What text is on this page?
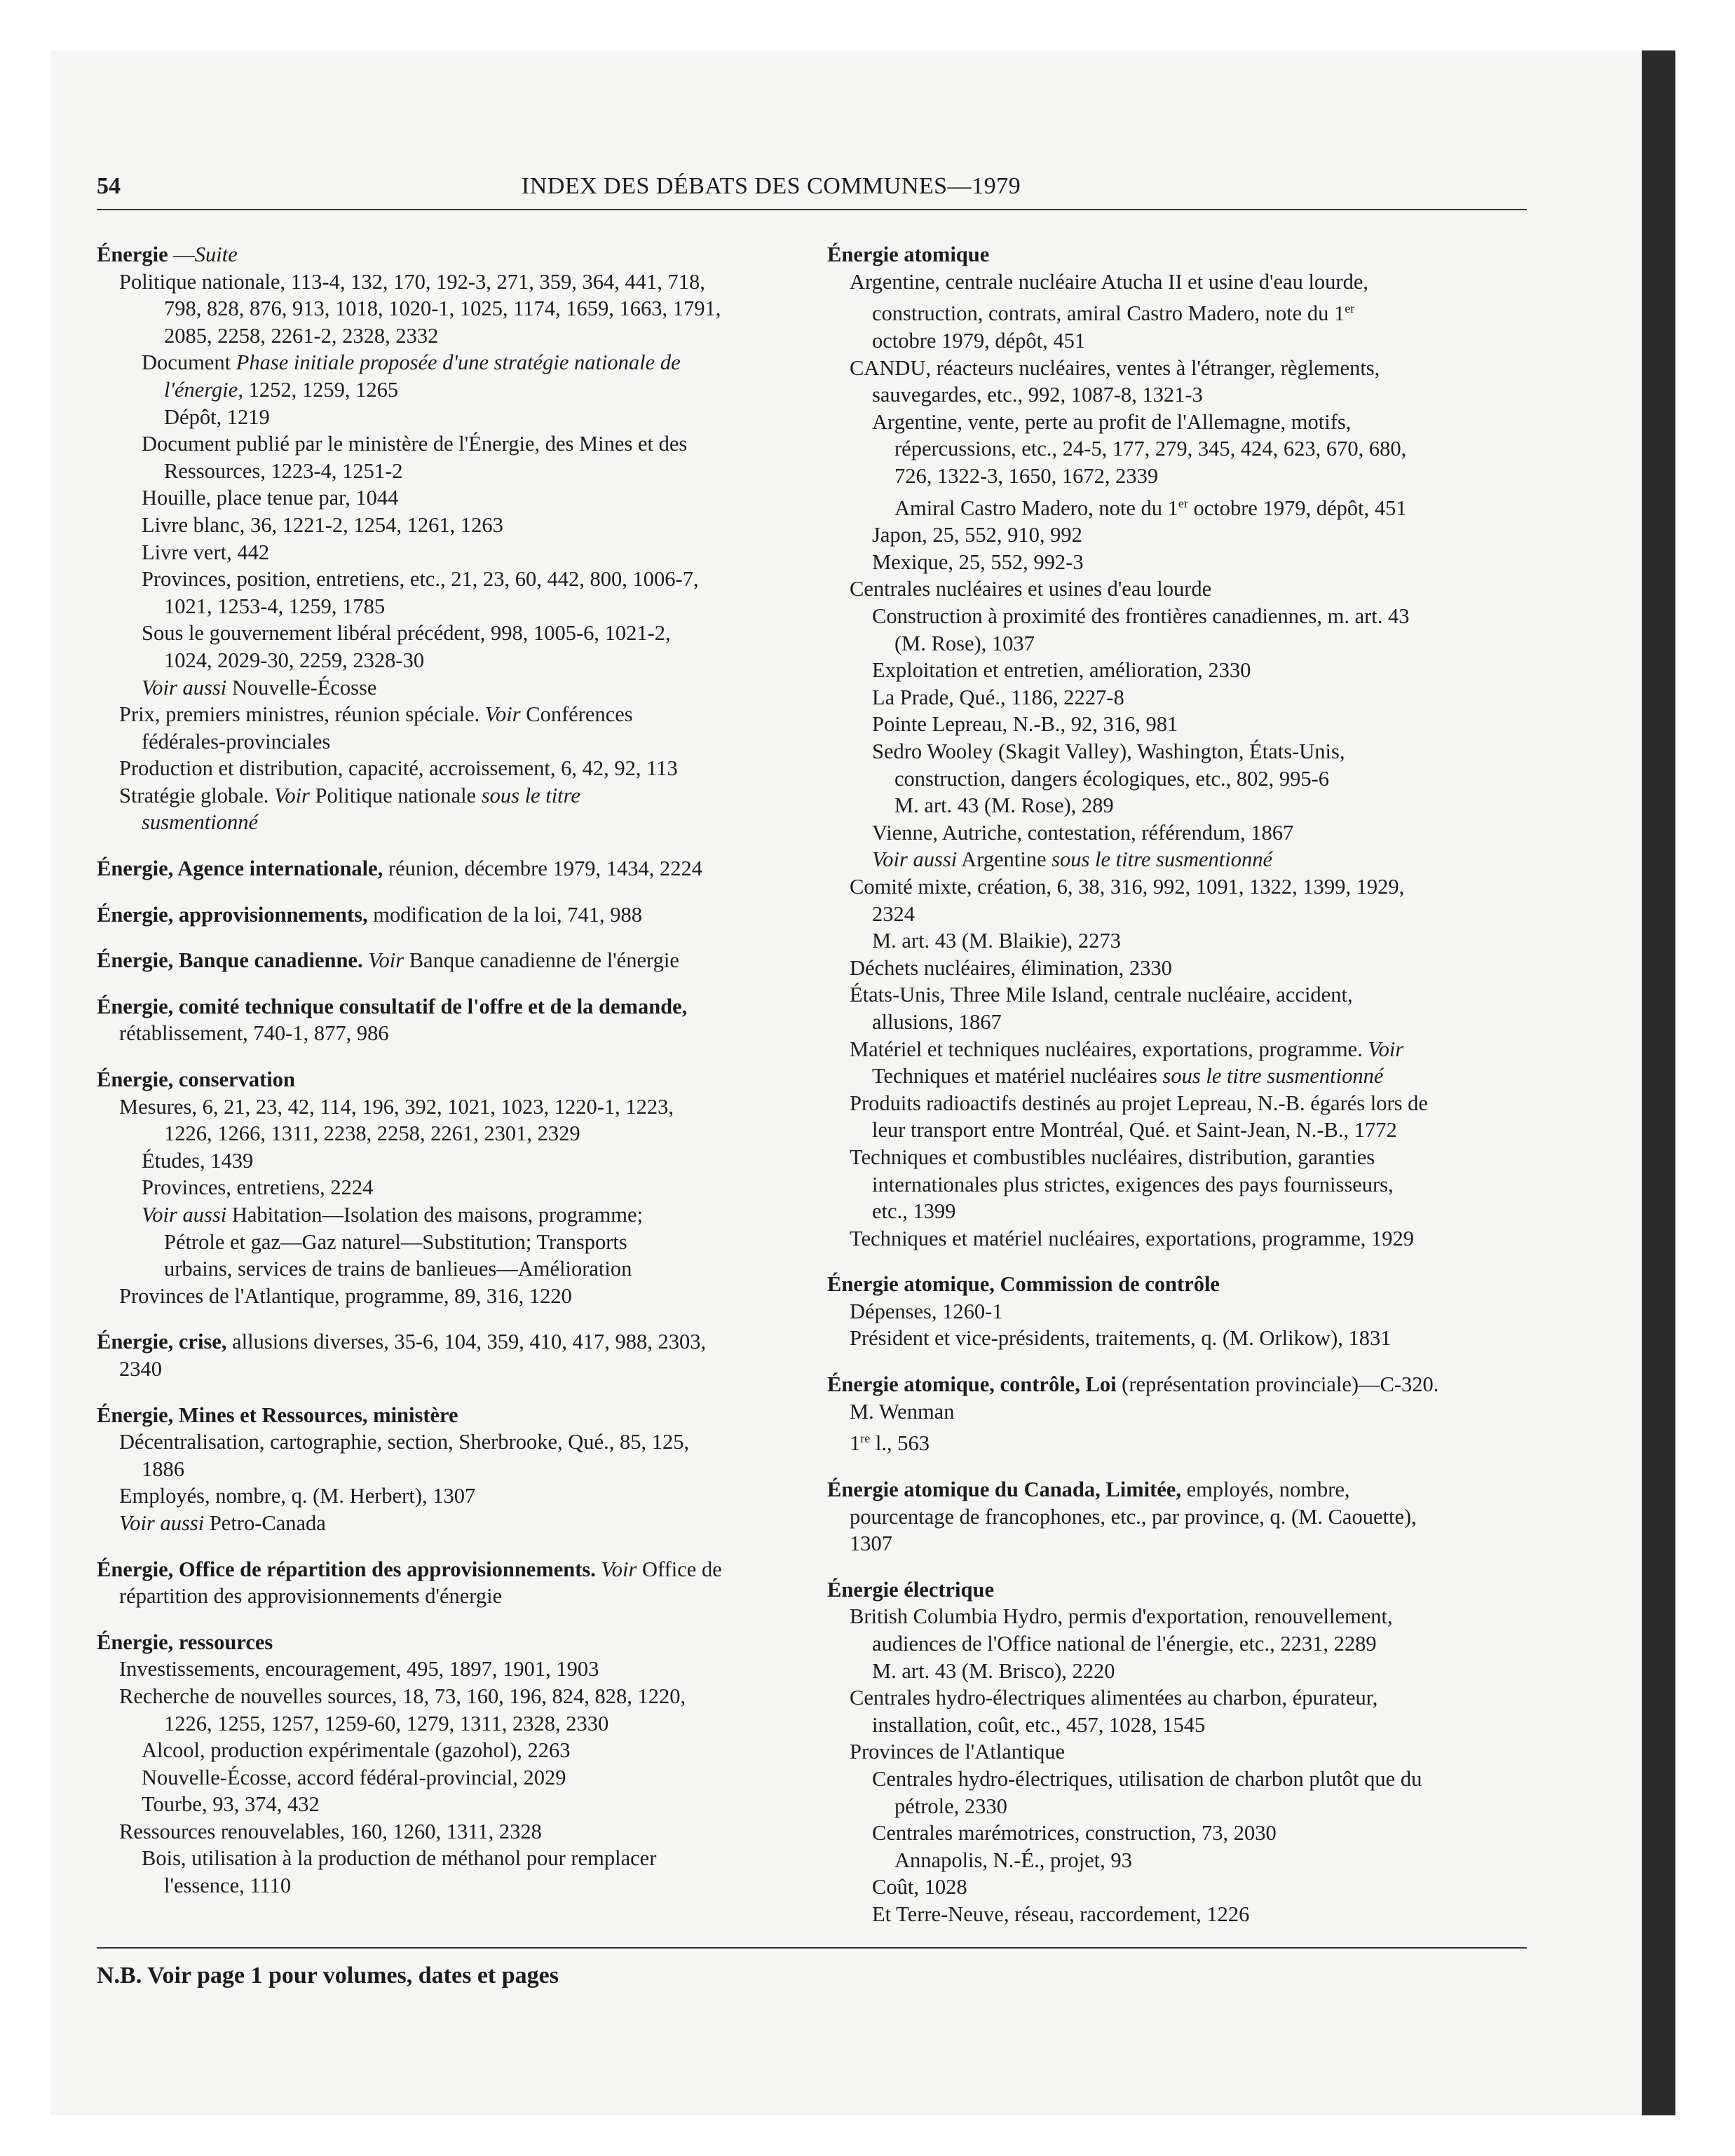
54	INDEX DES DÉBATS DES COMMUNES—1979
Énergie —Suite
Politique nationale, 113-4, 132, 170, 192-3, 271, 359, 364, 441, 718,
798, 828, 876, 913, 1018, 1020-1, 1025, 1174, 1659, 1663, 1791,
2085, 2258, 2261-2, 2328, 2332
Document Phase initiale proposée d'une stratégie nationale de
l'énergie, 1252, 1259, 1265
Dépôt, 1219
Document publié par le ministère de l'Énergie, des Mines et des
Ressources, 1223-4, 1251-2
Houille, place tenue par, 1044
Livre blanc, 36, 1221-2, 1254, 1261, 1263
Livre vert, 442
Provinces, position, entretiens, etc., 21, 23, 60, 442, 800, 1006-7,
1021, 1253-4, 1259, 1785
Sous le gouvernement libéral précédent, 998, 1005-6, 1021-2,
1024, 2029-30, 2259, 2328-30
Voir aussi Nouvelle-Écosse
Prix, premiers ministres, réunion spéciale. Voir Conférences
fédérales-provinciales
Production et distribution, capacité, accroissement, 6, 42, 92, 113
Stratégie globale. Voir Politique nationale sous le titre
susmentionné
Énergie, Agence internationale, réunion, décembre 1979, 1434, 2224
Énergie, approvisionnements, modification de la loi, 741, 988
Énergie, Banque canadienne. Voir Banque canadienne de l'énergie
Énergie, comité technique consultatif de l'offre et de la demande,
rétablissement, 740-1, 877, 986
Énergie, conservation
Mesures, 6, 21, 23, 42, 114, 196, 392, 1021, 1023, 1220-1, 1223,
1226, 1266, 1311, 2238, 2258, 2261, 2301, 2329
Études, 1439
Provinces, entretiens, 2224
Voir aussi Habitation—Isolation des maisons, programme;
Pétrole et gaz—Gaz naturel—Substitution; Transports
urbains, services de trains de banlieues—Amélioration
Provinces de l'Atlantique, programme, 89, 316, 1220
Énergie, crise, allusions diverses, 35-6, 104, 359, 410, 417, 988, 2303,
2340
Énergie, Mines et Ressources, ministère
Décentralisation, cartographie, section, Sherbrooke, Qué., 85, 125,
1886
Employés, nombre, q. (M. Herbert), 1307
Voir aussi Petro-Canada
Énergie, Office de répartition des approvisionnements. Voir Office de
répartition des approvisionnements d'énergie
Énergie, ressources
Investissements, encouragement, 495, 1897, 1901, 1903
Recherche de nouvelles sources, 18, 73, 160, 196, 824, 828, 1220,
1226, 1255, 1257, 1259-60, 1279, 1311, 2328, 2330
Alcool, production expérimentale (gazohol), 2263
Nouvelle-Écosse, accord fédéral-provincial, 2029
Tourbe, 93, 374, 432
Ressources renouvelables, 160, 1260, 1311, 2328
Bois, utilisation à la production de méthanol pour remplacer
l'essence, 1110
Énergie atomique
Argentine, centrale nucléaire Atucha II et usine d'eau lourde,
construction, contrats, amiral Castro Madero, note du 1er
octobre 1979, dépôt, 451
CANDU, réacteurs nucléaires, ventes à l'étranger, règlements,
sauvegardes, etc., 992, 1087-8, 1321-3
Argentine, vente, perte au profit de l'Allemagne, motifs,
répercussions, etc., 24-5, 177, 279, 345, 424, 623, 670, 680,
726, 1322-3, 1650, 1672, 2339
Amiral Castro Madero, note du 1er octobre 1979, dépôt, 451
Japon, 25, 552, 910, 992
Mexique, 25, 552, 992-3
Centrales nucléaires et usines d'eau lourde
Construction à proximité des frontières canadiennes, m. art. 43
(M. Rose), 1037
Exploitation et entretien, amélioration, 2330
La Prade, Qué., 1186, 2227-8
Pointe Lepreau, N.-B., 92, 316, 981
Sedro Wooley (Skagit Valley), Washington, États-Unis,
construction, dangers écologiques, etc., 802, 995-6
M. art. 43 (M. Rose), 289
Vienne, Autriche, contestation, référendum, 1867
Voir aussi Argentine sous le titre susmentionné
Comité mixte, création, 6, 38, 316, 992, 1091, 1322, 1399, 1929,
2324
M. art. 43 (M. Blaikie), 2273
Déchets nucléaires, élimination, 2330
États-Unis, Three Mile Island, centrale nucléaire, accident,
allusions, 1867
Matériel et techniques nucléaires, exportations, programme. Voir
Techniques et matériel nucléaires sous le titre susmentionné
Produits radioactifs destinés au projet Lepreau, N.-B. égarés lors de
leur transport entre Montréal, Qué. et Saint-Jean, N.-B., 1772
Techniques et combustibles nucléaires, distribution, garanties
internationales plus strictes, exigences des pays fournisseurs,
etc., 1399
Techniques et matériel nucléaires, exportations, programme, 1929
Énergie atomique, Commission de contrôle
Dépenses, 1260-1
Président et vice-présidents, traitements, q. (M. Orlikow), 1831
Énergie atomique, contrôle, Loi (représentation provinciale)—C-320.
M. Wenman
1re l., 563
Énergie atomique du Canada, Limitée, employés, nombre,
pourcentage de francophones, etc., par province, q. (M. Caouette),
1307
Énergie électrique
British Columbia Hydro, permis d'exportation, renouvellement,
audiences de l'Office national de l'énergie, etc., 2231, 2289
M. art. 43 (M. Brisco), 2220
Centrales hydro-électriques alimentées au charbon, épurateur,
installation, coût, etc., 457, 1028, 1545
Provinces de l'Atlantique
Centrales hydro-électriques, utilisation de charbon plutôt que du
pétrole, 2330
Centrales marémotrices, construction, 73, 2030
Annapolis, N.-É., projet, 93
Coût, 1028
Et Terre-Neuve, réseau, raccordement, 1226
N.B. Voir page 1 pour volumes, dates et pages
